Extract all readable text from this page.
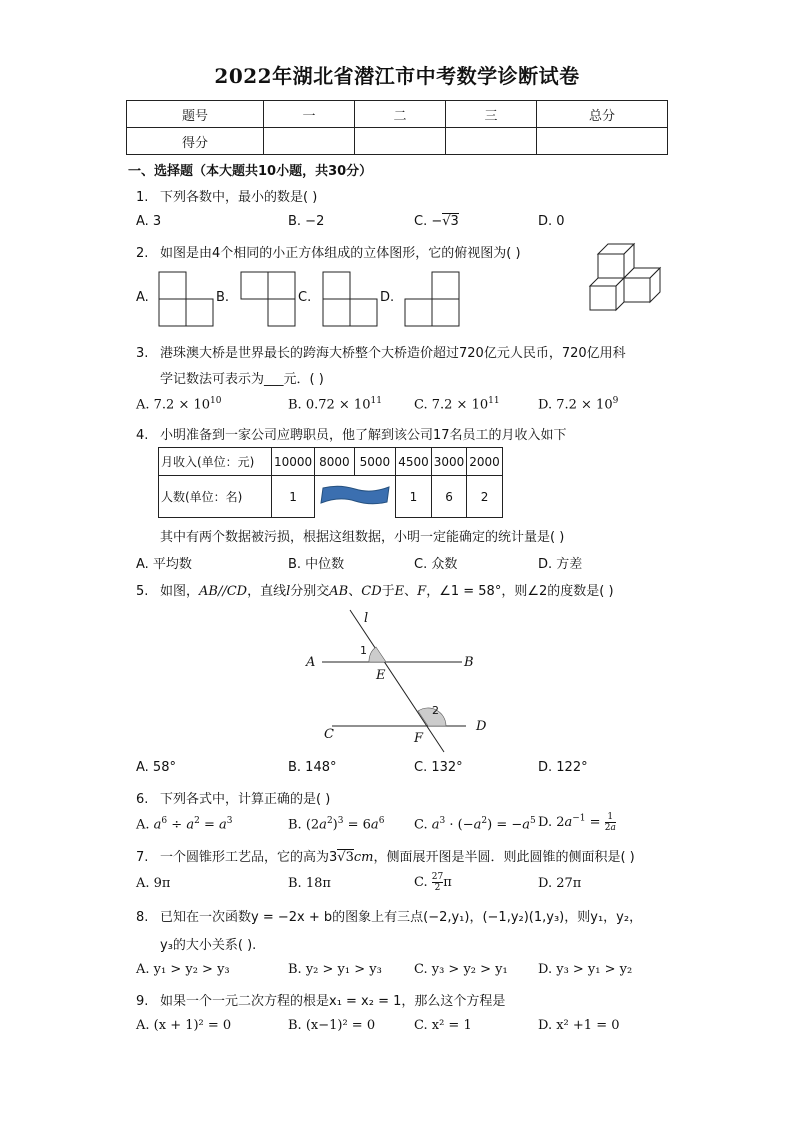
2022年湖北省潜江市中考数学诊断试卷
题号	一	二	三	总分
得分				
一、选择题（本大题共10小题，共30分）
1. 下列各数中，最小的数是( )
A. 3	B. −2	C. −√3	D. 0
2. 如图是由4个相同的小正方体组成的立体图形，它的俯视图为( )
A.	B.	C.	D.
3. 港珠澳大桥是世界最长的跨海大桥整个大桥造价超过720亿元人民币，720亿用科
学记数法可表示为___元．( )
A. $7.2 \times 10^{10}$	B. $0.72 \times 10^{11}$ C. $7.2 \times 10^{11}$	D. $7.2 \times 10^9$
4. 小明准备到一家公司应聘职员，他了解到该公司17名员工的月收入如下
月收入(单位：元)	10000	8000	5000	4500	3000	2000
人数(单位：名)	1			1	6	2
其中有两个数据被污损，根据这组数据，小明一定能确定的统计量是( )
A. 平均数	B. 中位数	C. 众数	D. 方差
5. 如图，AB//CD，直线l分别交AB、CD于E、F，∠1 = 58°，则∠2的度数是( )
l
A	B
E
C
D
F
1
2
A. 58°	B. 148°	C. 132°	D. 122°
6. 下列各式中，计算正确的是( )
A. $a^6 \div a^2 = a^3$	B. $(2a^2)^3 = 6a^6$ C. $a^3 \cdot (-a^2) = -a^5$ D. $2a^{-1} = \frac{1}{2a}$
7. 一个圆锥形工艺品，它的高为3√3cm，侧面展开图是半圆．则此圆锥的侧面积是( )
A. 9π	B. 18π	C. $\frac{27}{2}$ π	D. 27π
8. 已知在一次函数y = −2x + b的图象上有三点(−2,y₁)，(−1,y₂)(1,y₃)，则y₁，y₂，
y₃的大小关系( ).
A. y₁ > y₂ > y₃	B. y₂ > y₁ > y₃ C. y₃ > y₂ > y₁ D. y₃ > y₁ > y₂
9. 如果一个一元二次方程的根是x₁ = x₂ = 1，那么这个方程是
A. (x + 1)² = 0	B. (x−1)² = 0	C. x² = 1	D. x² +1 = 0
